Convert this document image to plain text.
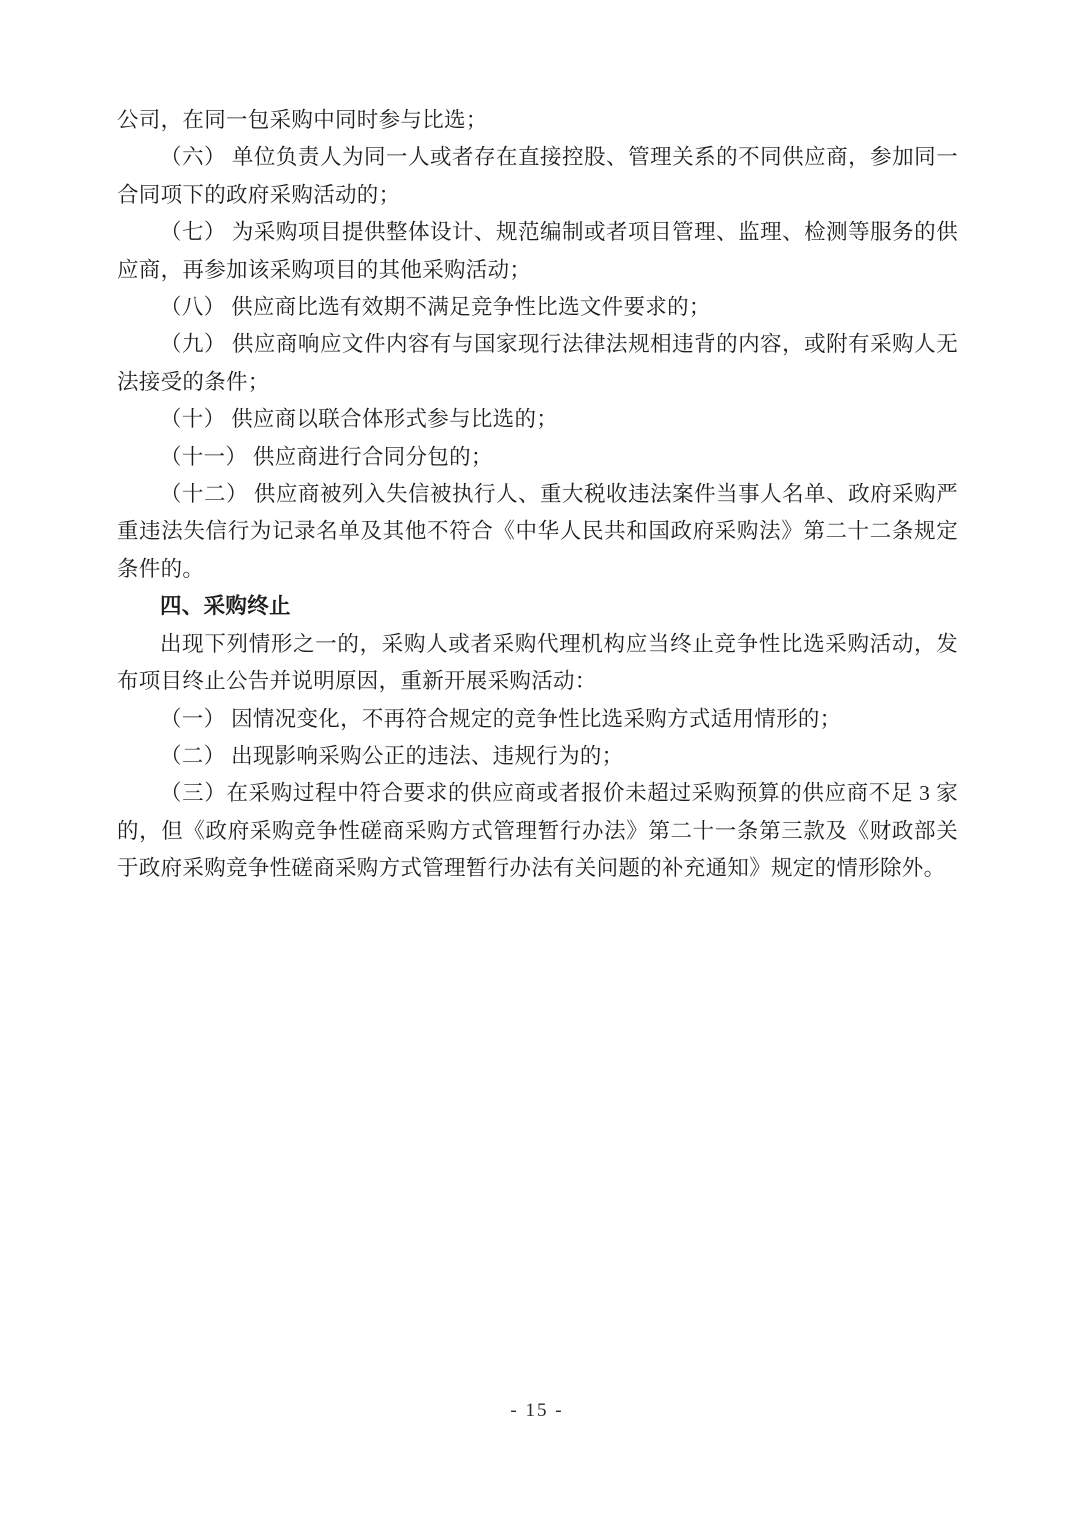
公司，在同一包采购中同时参与比选；

（六） 单位负责人为同一人或者存在直接控股、管理关系的不同供应商，参加同一合同项下的政府采购活动的；

（七） 为采购项目提供整体设计、规范编制或者项目管理、监理、检测等服务的供应商，再参加该采购项目的其他采购活动；

（八） 供应商比选有效期不满足竞争性比选文件要求的；

（九） 供应商响应文件内容有与国家现行法律法规相违背的内容，或附有采购人无法接受的条件；

（十） 供应商以联合体形式参与比选的；

（十一） 供应商进行合同分包的；

（十二） 供应商被列入失信被执行人、重大税收违法案件当事人名单、政府采购严重违法失信行为记录名单及其他不符合《中华人民共和国政府采购法》第二十二条规定条件的。

四、采购终止

出现下列情形之一的，采购人或者采购代理机构应当终止竞争性比选采购活动，发布项目终止公告并说明原因，重新开展采购活动：

（一） 因情况变化，不再符合规定的竞争性比选采购方式适用情形的；

（二） 出现影响采购公正的违法、违规行为的；

（三）在采购过程中符合要求的供应商或者报价未超过采购预算的供应商不足 3 家的，但《政府采购竞争性磋商采购方式管理暂行办法》第二十一条第三款及《财政部关于政府采购竞争性磋商采购方式管理暂行办法有关问题的补充通知》规定的情形除外。

- 15 -
